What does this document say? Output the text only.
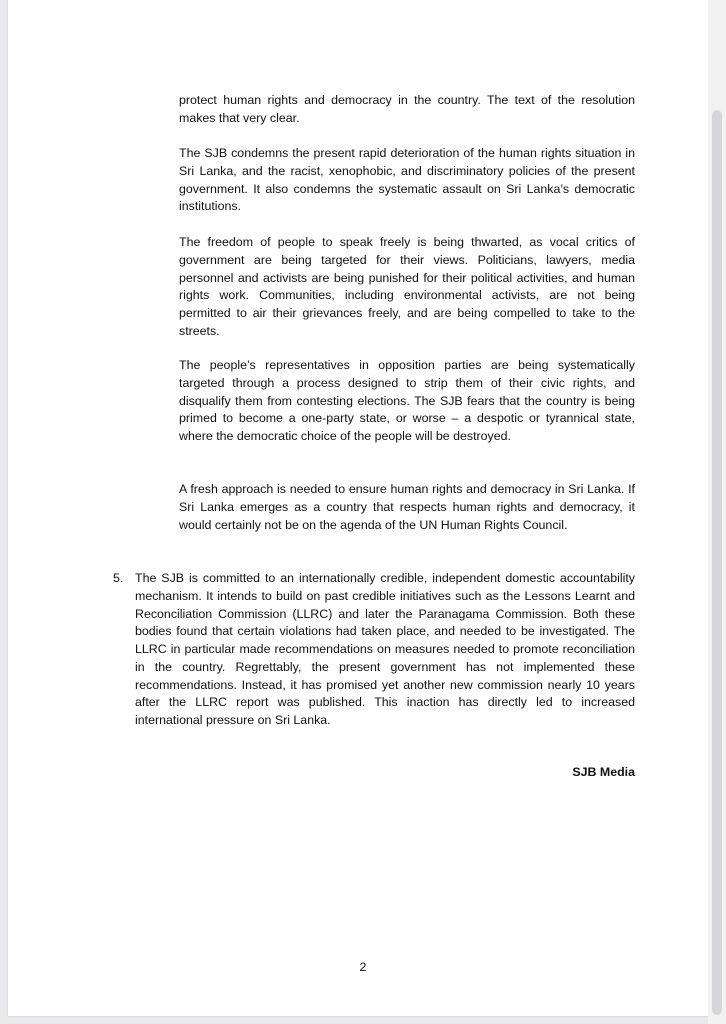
protect human rights and democracy in the country. The text of the resolution makes that very clear.

The SJB condemns the present rapid deterioration of the human rights situation in Sri Lanka, and the racist, xenophobic, and discriminatory policies of the present government. It also condemns the systematic assault on Sri Lanka’s democratic institutions.

The freedom of people to speak freely is being thwarted, as vocal critics of government are being targeted for their views. Politicians, lawyers, media personnel and activists are being punished for their political activities, and human rights work. Communities, including environmental activists, are not being permitted to air their grievances freely, and are being compelled to take to the streets.

The people’s representatives in opposition parties are being systematically targeted through a process designed to strip them of their civic rights, and disqualify them from contesting elections. The SJB fears that the country is being primed to become a one-party state, or worse – a despotic or tyrannical state, where the democratic choice of the people will be destroyed.

A fresh approach is needed to ensure human rights and democracy in Sri Lanka. If Sri Lanka emerges as a country that respects human rights and democracy, it would certainly not be on the agenda of the UN Human Rights Council.

5. The SJB is committed to an internationally credible, independent domestic accountability mechanism. It intends to build on past credible initiatives such as the Lessons Learnt and Reconciliation Commission (LLRC) and later the Paranagama Commission. Both these bodies found that certain violations had taken place, and needed to be investigated. The LLRC in particular made recommendations on measures needed to promote reconciliation in the country. Regrettably, the present government has not implemented these recommendations. Instead, it has promised yet another new commission nearly 10 years after the LLRC report was published. This inaction has directly led to increased international pressure on Sri Lanka.
SJB Media
2
